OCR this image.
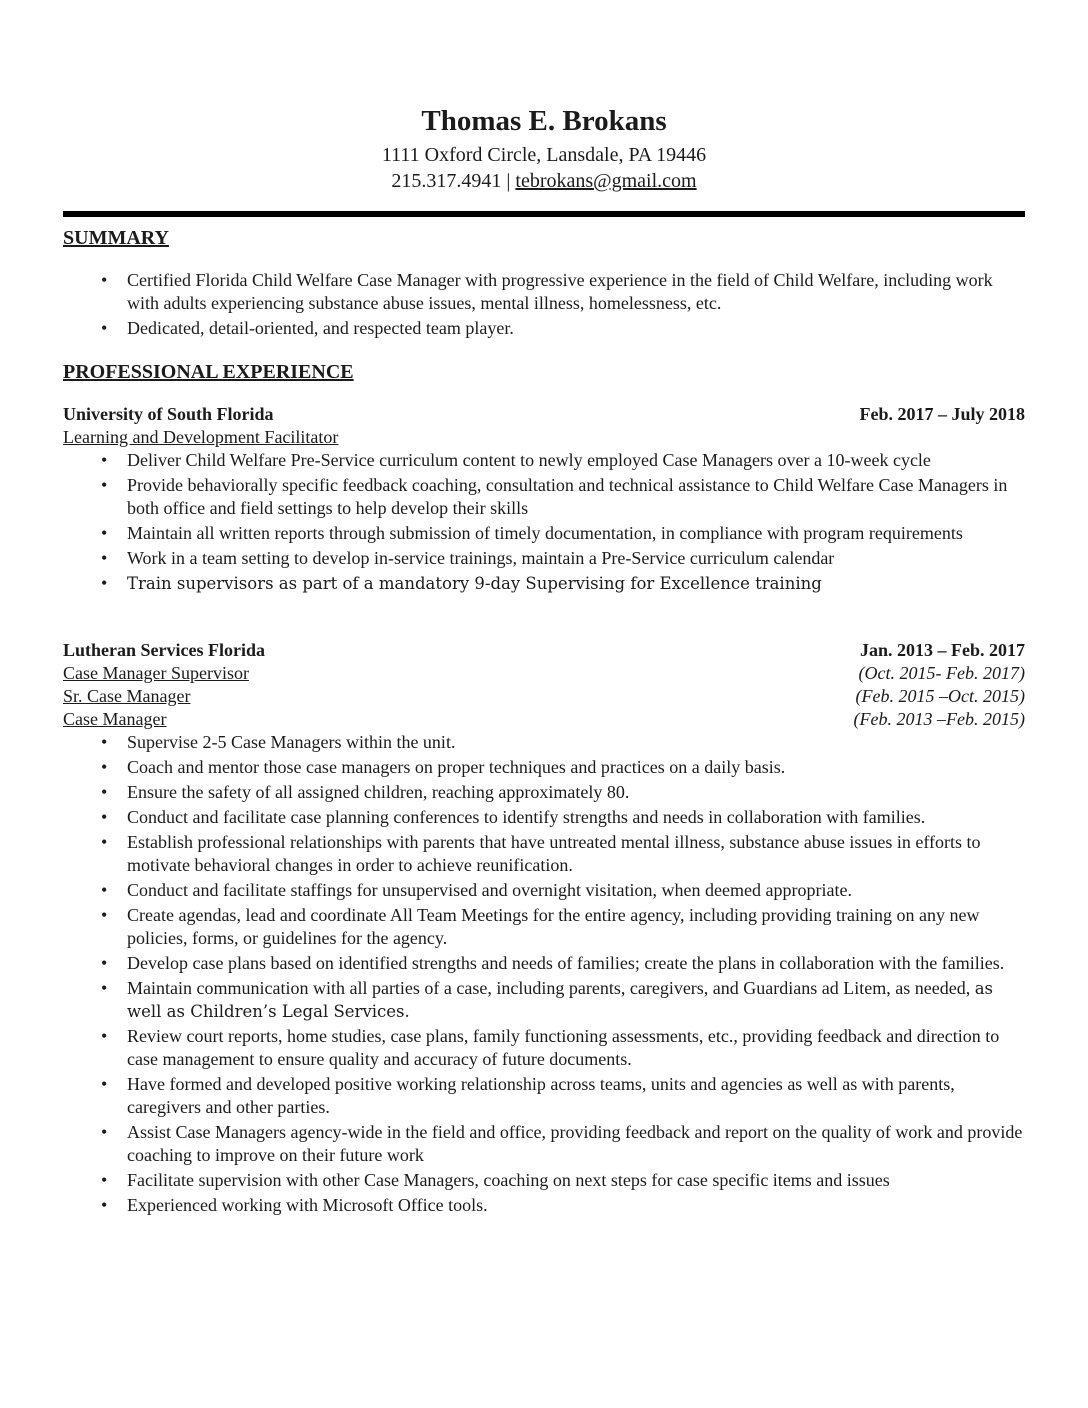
Thomas E. Brokans
1111 Oxford Circle, Lansdale, PA 19446
215.317.4941 | tebrokans@gmail.com
SUMMARY
• Certified Florida Child Welfare Case Manager with progressive experience in the field of Child Welfare, including work with adults experiencing substance abuse issues, mental illness, homelessness, etc.
• Dedicated, detail-oriented, and respected team player.
PROFESSIONAL EXPERIENCE
University of South Florida	Feb. 2017 – July 2018
Learning and Development Facilitator
• Deliver Child Welfare Pre-Service curriculum content to newly employed Case Managers over a 10-week cycle
• Provide behaviorally specific feedback coaching, consultation and technical assistance to Child Welfare Case Managers in both office and field settings to help develop their skills
• Maintain all written reports through submission of timely documentation, in compliance with program requirements
• Work in a team setting to develop in-service trainings, maintain a Pre-Service curriculum calendar
• Train supervisors as part of a mandatory 9-day Supervising for Excellence training
Lutheran Services Florida	Jan. 2013 – Feb. 2017
Case Manager Supervisor	(Oct. 2015- Feb. 2017)
Sr. Case Manager	(Feb. 2015 –Oct. 2015)
Case Manager	(Feb. 2013 –Feb. 2015)
• Supervise 2-5 Case Managers within the unit.
• Coach and mentor those case managers on proper techniques and practices on a daily basis.
• Ensure the safety of all assigned children, reaching approximately 80.
• Conduct and facilitate case planning conferences to identify strengths and needs in collaboration with families.
• Establish professional relationships with parents that have untreated mental illness, substance abuse issues in efforts to motivate behavioral changes in order to achieve reunification.
• Conduct and facilitate staffings for unsupervised and overnight visitation, when deemed appropriate.
• Create agendas, lead and coordinate All Team Meetings for the entire agency, including providing training on any new policies, forms, or guidelines for the agency.
• Develop case plans based on identified strengths and needs of families; create the plans in collaboration with the families.
• Maintain communication with all parties of a case, including parents, caregivers, and Guardians ad Litem, as needed, as well as Children’s Legal Services.
• Review court reports, home studies, case plans, family functioning assessments, etc., providing feedback and direction to case management to ensure quality and accuracy of future documents.
• Have formed and developed positive working relationship across teams, units and agencies as well as with parents, caregivers and other parties.
• Assist Case Managers agency-wide in the field and office, providing feedback and report on the quality of work and provide coaching to improve on their future work
• Facilitate supervision with other Case Managers, coaching on next steps for case specific items and issues
• Experienced working with Microsoft Office tools.
